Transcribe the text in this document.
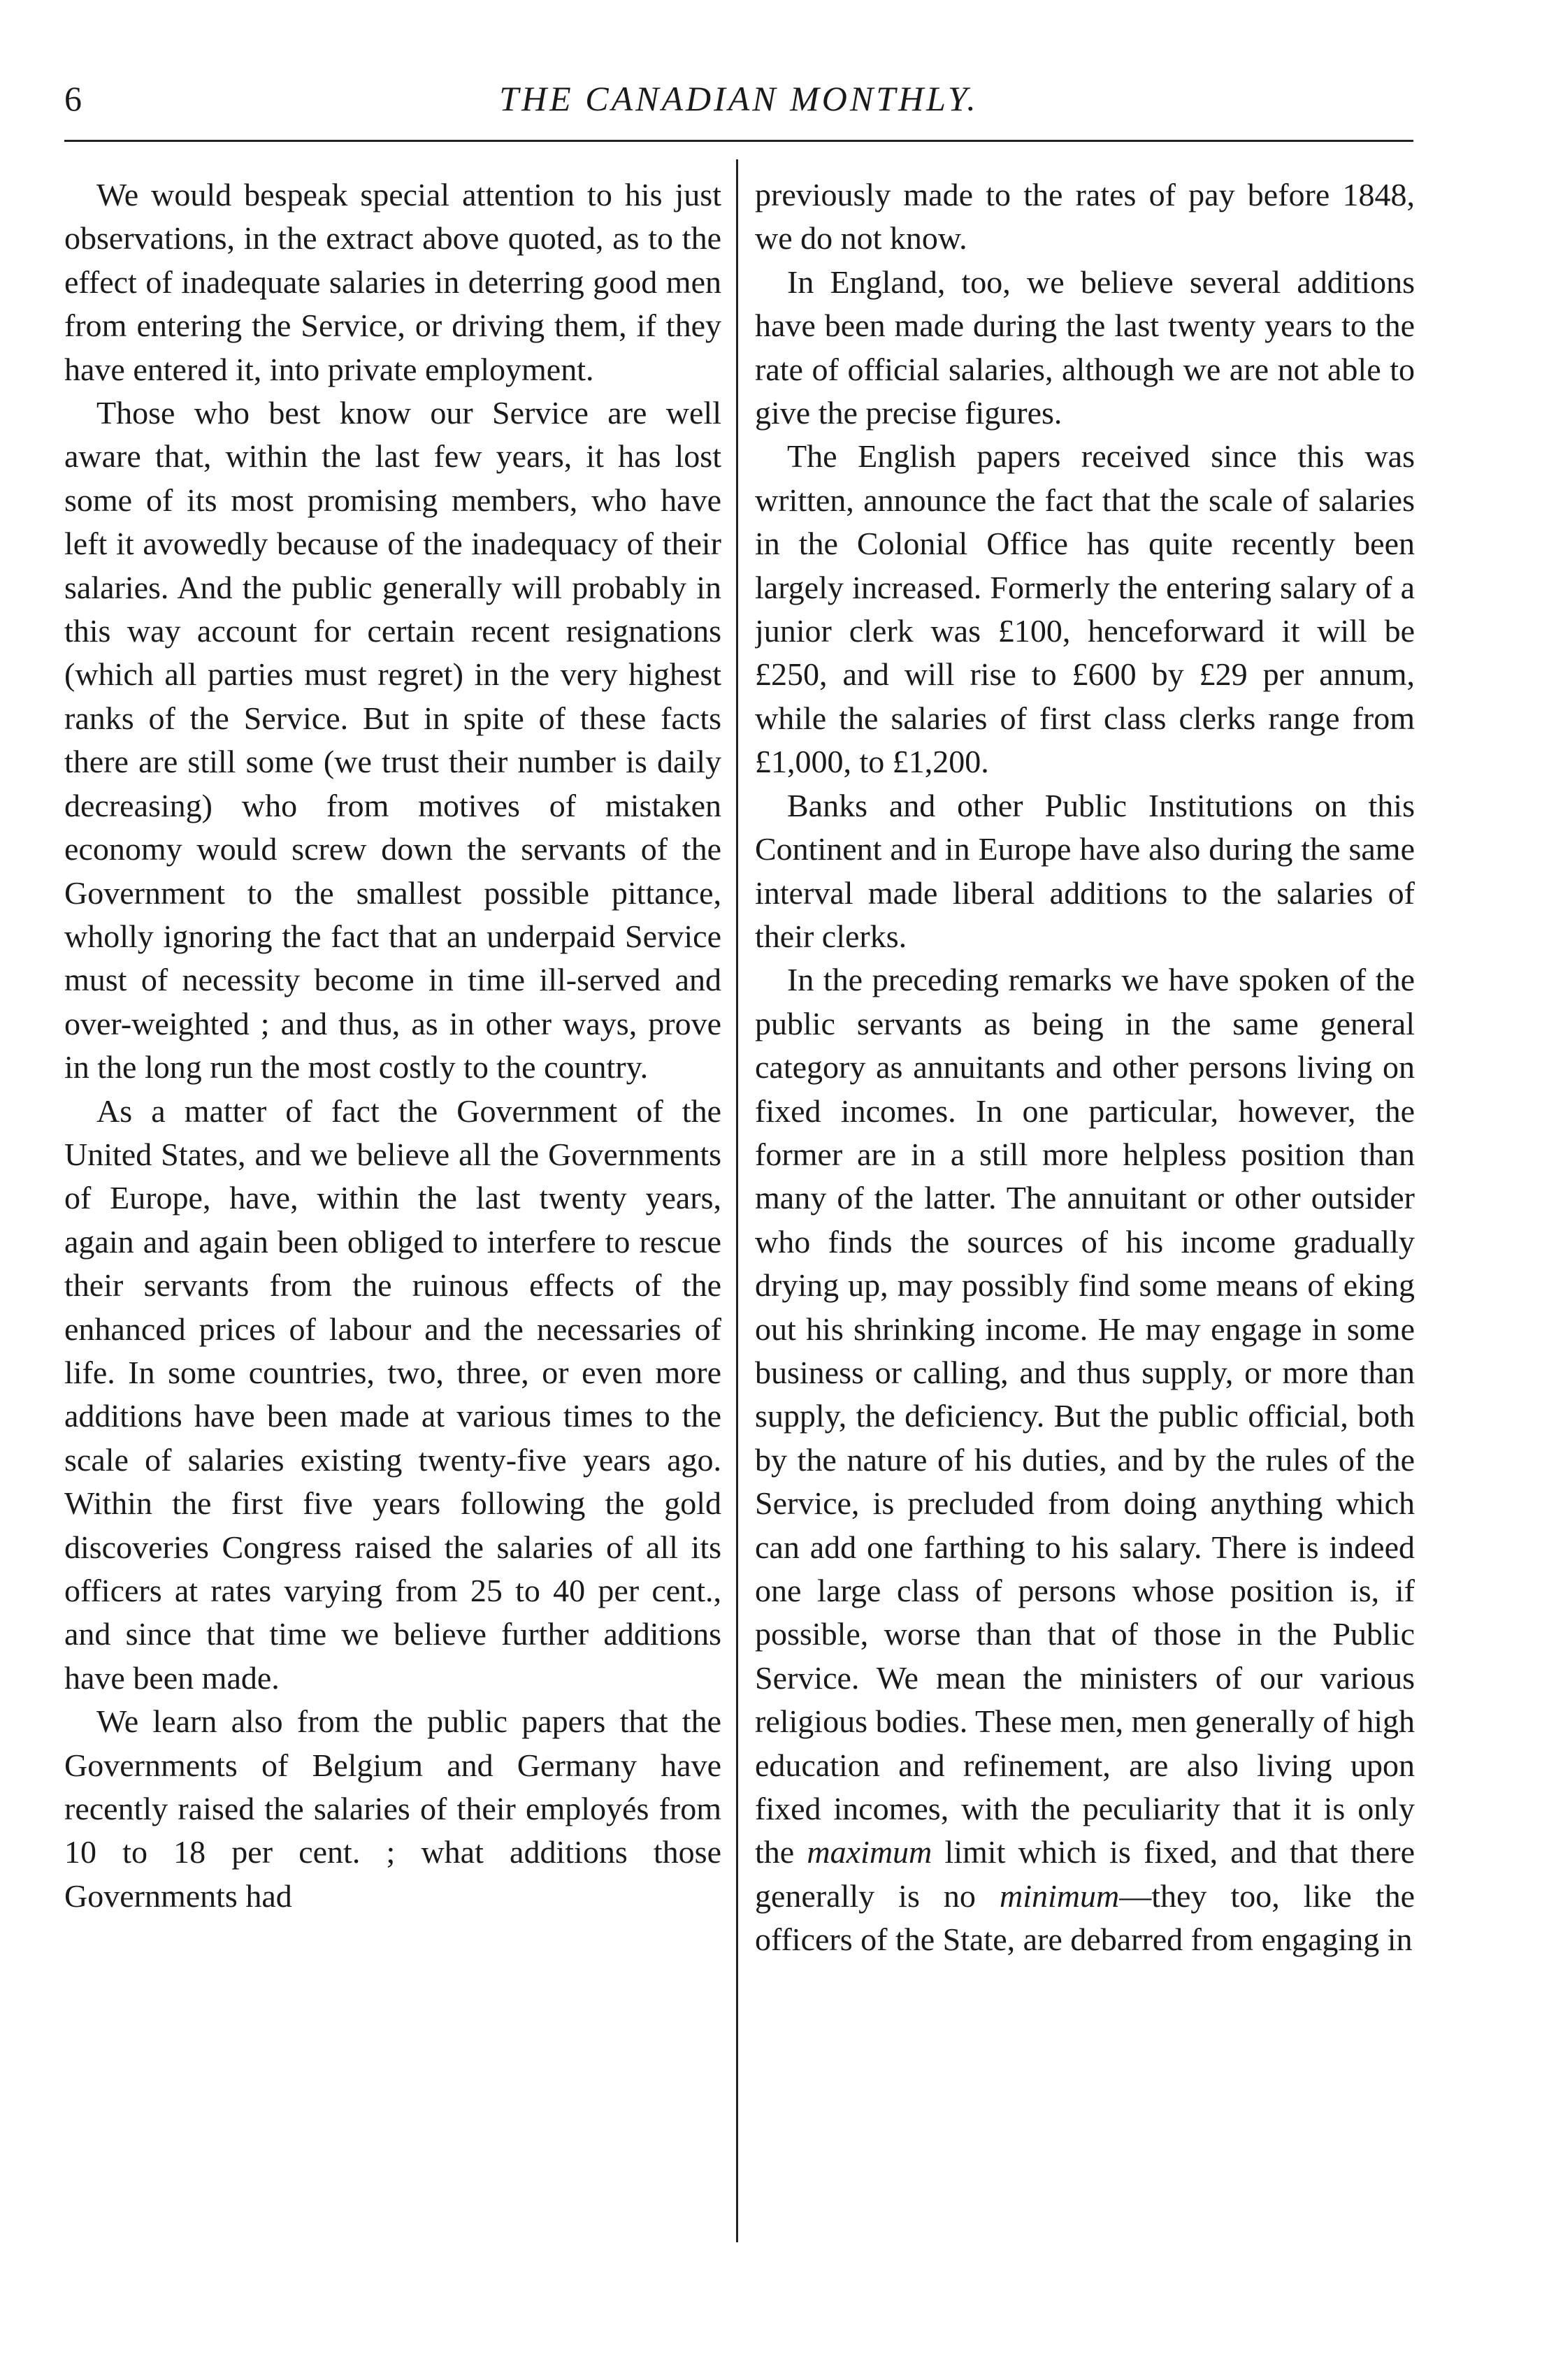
6	THE CANADIAN MONTHLY.

We would bespeak special attention to his just observations, in the extract above quoted, as to the effect of inadequate salaries in deterring good men from entering the Service, or driving them, if they have entered it, into private employment.

Those who best know our Service are well aware that, within the last few years, it has lost some of its most promising members, who have left it avowedly because of the inadequacy of their salaries. And the public generally will probably in this way account for certain recent resignations (which all parties must regret) in the very highest ranks of the Service. But in spite of these facts there are still some (we trust their number is daily decreasing) who from motives of mistaken economy would screw down the servants of the Government to the smallest possible pittance, wholly ignoring the fact that an underpaid Service must of necessity become in time ill-served and over-weighted ; and thus, as in other ways, prove in the long run the most costly to the country.

As a matter of fact the Government of the United States, and we believe all the Governments of Europe, have, within the last twenty years, again and again been obliged to interfere to rescue their servants from the ruinous effects of the enhanced prices of labour and the necessaries of life. In some countries, two, three, or even more additions have been made at various times to the scale of salaries existing twenty-five years ago. Within the first five years following the gold discoveries Congress raised the salaries of all its officers at rates varying from 25 to 40 per cent., and since that time we believe further additions have been made.

We learn also from the public papers that the Governments of Belgium and Germany have recently raised the salaries of their employés from 10 to 18 per cent. ; what additions those Governments had

previously made to the rates of pay before 1848, we do not know.

In England, too, we believe several additions have been made during the last twenty years to the rate of official salaries, although we are not able to give the precise figures.

The English papers received since this was written, announce the fact that the scale of salaries in the Colonial Office has quite recently been largely increased. Formerly the entering salary of a junior clerk was £100, henceforward it will be £250, and will rise to £600 by £29 per annum, while the salaries of first class clerks range from £1,000, to £1,200.

Banks and other Public Institutions on this Continent and in Europe have also during the same interval made liberal additions to the salaries of their clerks.

In the preceding remarks we have spoken of the public servants as being in the same general category as annuitants and other persons living on fixed incomes. In one particular, however, the former are in a still more helpless position than many of the latter. The annuitant or other outsider who finds the sources of his income gradually drying up, may possibly find some means of eking out his shrinking income. He may engage in some business or calling, and thus supply, or more than supply, the deficiency. But the public official, both by the nature of his duties, and by the rules of the Service, is precluded from doing anything which can add one farthing to his salary. There is indeed one large class of persons whose position is, if possible, worse than that of those in the Public Service. We mean the ministers of our various religious bodies. These men, men generally of high education and refinement, are also living upon fixed incomes, with the peculiarity that it is only the maximum limit which is fixed, and that there generally is no minimum—they too, like the officers of the State, are debarred from engaging in
